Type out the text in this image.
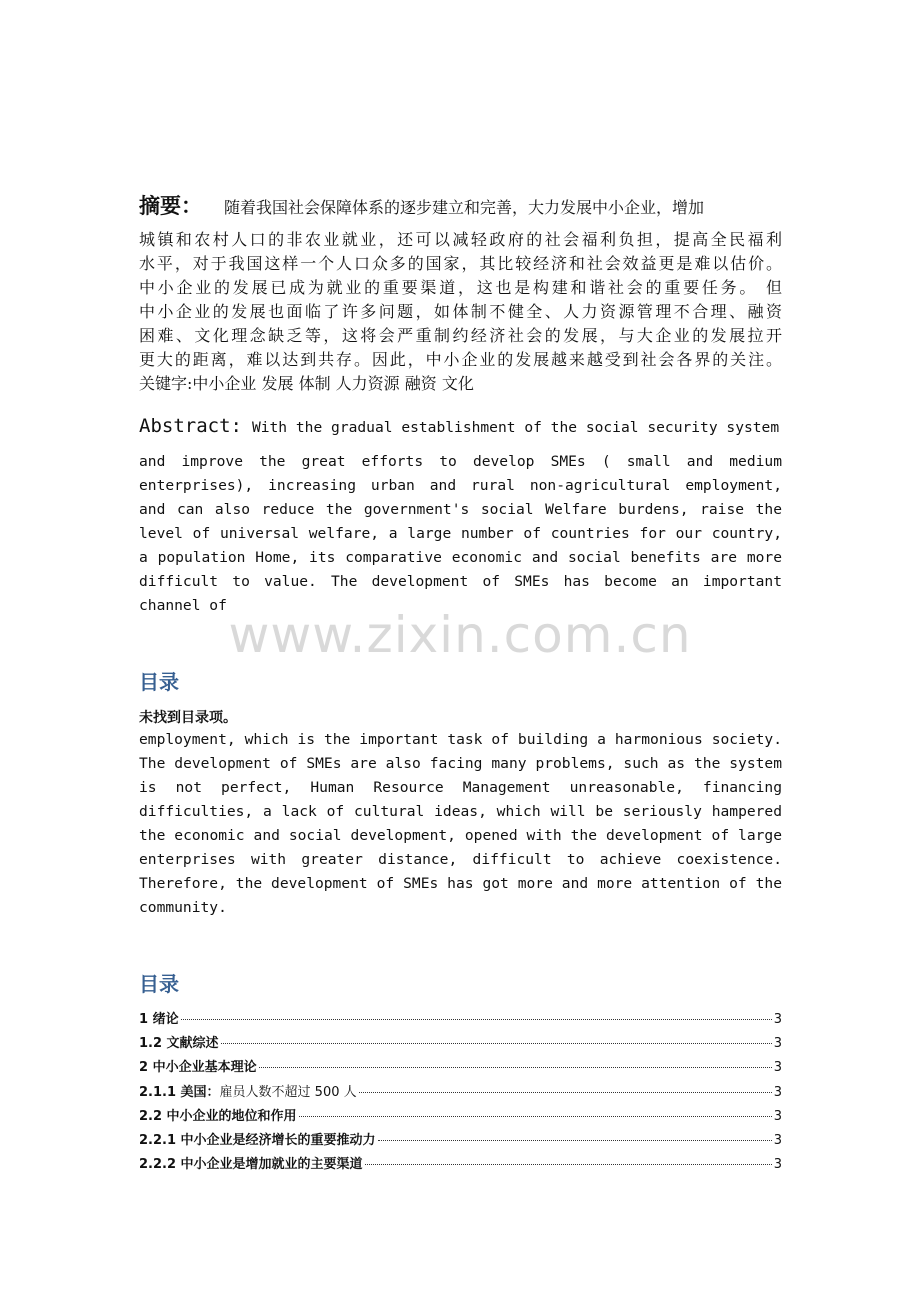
摘要： 随着我国社会保障体系的逐步建立和完善，大力发展中小企业，增加
城镇和农村人口的非农业就业，还可以减轻政府的社会福利负担，提高全民福利
水平，对于我国这样一个人口众多的国家，其比较经济和社会效益更是难以估价。
中小企业的发展已成为就业的重要渠道，这也是构建和谐社会的重要任务。 但
中小企业的发展也面临了许多问题，如体制不健全、人力资源管理不合理、融资
困难、文化理念缺乏等，这将会严重制约经济社会的发展，与大企业的发展拉开
更大的距离，难以达到共存。因此，中小企业的发展越来越受到社会各界的关注。
关键字:中小企业 发展 体制 人力资源 融资 文化
Abstract: With the gradual establishment of the social security system
and improve the great efforts to develop SMEs ( small and medium
enterprises), increasing urban and rural non-agricultural employment,
and can also reduce the government's social Welfare burdens, raise the
level of universal welfare, a large number of countries for our country,
a population Home, its comparative economic and social benefits are more
difficult to value. The development of SMEs has become an important
channel of
www.zixin.com.cn
目录
未找到目录项。
employment, which is the important task of building a harmonious society.
The development of SMEs are also facing many problems, such as the system
is not perfect, Human Resource Management unreasonable, financing
difficulties, a lack of cultural ideas, which will be seriously hampered
the economic and social development, opened with the development of large
enterprises with greater distance, difficult to achieve coexistence.
Therefore, the development of SMEs has got more and more attention of the
community.
目录
1 绪论	3
1.2 文献综述	3
2 中小企业基本理论	3
2.1.1 美国：雇员人数不超过 500 人	3
2.2 中小企业的地位和作用	3
2.2.1 中小企业是经济增长的重要推动力	3
2.2.2 中小企业是增加就业的主要渠道	3
